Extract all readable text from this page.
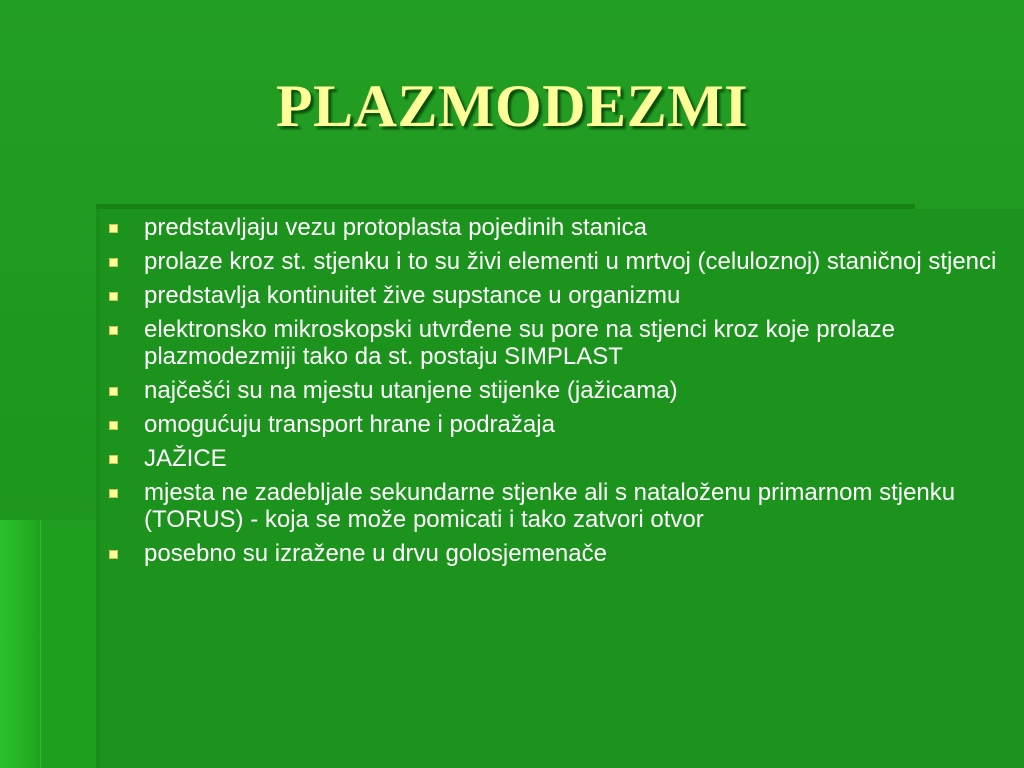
PLAZMODEZMI
predstavljaju vezu protoplasta pojedinih stanica
prolaze kroz st. stjenku i to su živi elementi u mrtvoj (celuloznoj) staničnoj stjenci
predstavlja kontinuitet žive supstance u organizmu
elektronsko mikroskopski utvrđene su pore na stjenci kroz koje prolaze plazmodezmiji tako da st. postaju SIMPLAST
najčešći su na mjestu utanjene stijenke (jažicama)
omogućuju transport hrane i podražaja
JAŽICE
mjesta ne zadebljale sekundarne stjenke ali s nataloženu primarnom stjenku (TORUS) - koja se može pomicati i tako zatvori otvor
posebno su izražene u drvu golosjemenače
